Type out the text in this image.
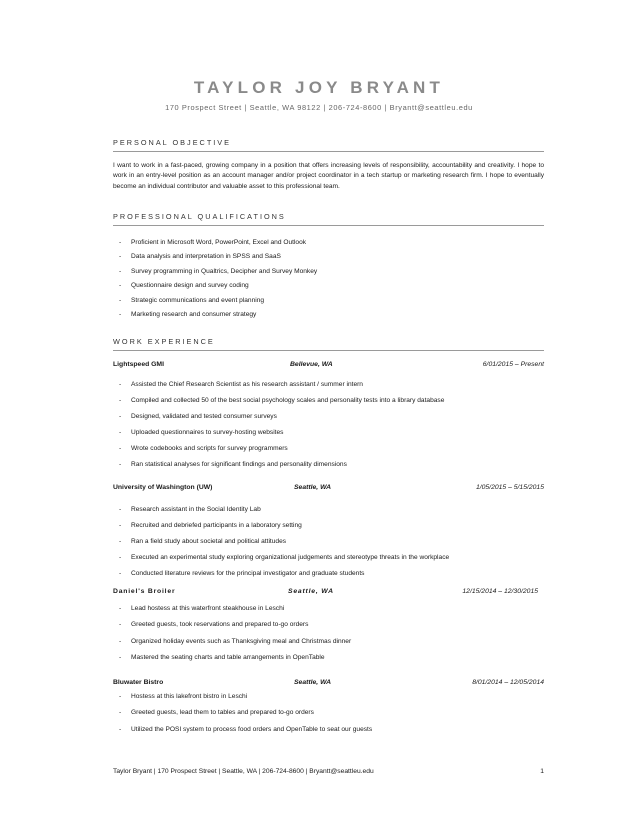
TAYLOR JOY BRYANT
170 Prospect Street | Seattle, WA 98122 | 206-724-8600 | Bryantt@seattleu.edu
PERSONAL OBJECTIVE
I want to work in a fast-paced, growing company in a position that offers increasing levels of responsibility, accountability and creativity. I hope to work in an entry-level position as an account manager and/or project coordinator in a tech startup or marketing research firm. I hope to eventually become an individual contributor and valuable asset to this professional team.
PROFESSIONAL QUALIFICATIONS
- Proficient in Microsoft Word, PowerPoint, Excel and Outlook
- Data analysis and interpretation in SPSS and SaaS
- Survey programming in Qualtrics, Decipher and Survey Monkey
- Questionnaire design and survey coding
- Strategic communications and event planning
- Marketing research and consumer strategy
WORK EXPERIENCE
Lightspeed GMI	Bellevue, WA	6/01/2015 – Present
- Assisted the Chief Research Scientist as his research assistant / summer intern
- Compiled and collected 50 of the best social psychology scales and personality tests into a library database
- Designed, validated and tested consumer surveys
- Uploaded questionnaires to survey-hosting websites
- Wrote codebooks and scripts for survey programmers
- Ran statistical analyses for significant findings and personality dimensions
University of Washington (UW)	Seattle, WA	1/05/2015 – 5/15/2015
- Research assistant in the Social Identity Lab
- Recruited and debriefed participants in a laboratory setting
- Ran a field study about societal and political attitudes
- Executed an experimental study exploring organizational judgements and stereotype threats in the workplace
- Conducted literature reviews for the principal investigator and graduate students
Daniel's Broiler	Seattle, WA	12/15/2014 – 12/30/2015
- Lead hostess at this waterfront steakhouse in Leschi
- Greeted guests, took reservations and prepared to-go orders
- Organized holiday events such as Thanksgiving meal and Christmas dinner
- Mastered the seating charts and table arrangements in OpenTable
Bluwater Bistro	Seattle, WA	8/01/2014 – 12/05/2014
- Hostess at this lakefront bistro in Leschi
- Greeted guests, lead them to tables and prepared to-go orders
- Utilized the POSI system to process food orders and OpenTable to seat our guests
Taylor Bryant | 170 Prospect Street | Seattle, WA | 206-724-8600 | Bryantt@seattleu.edu	1
